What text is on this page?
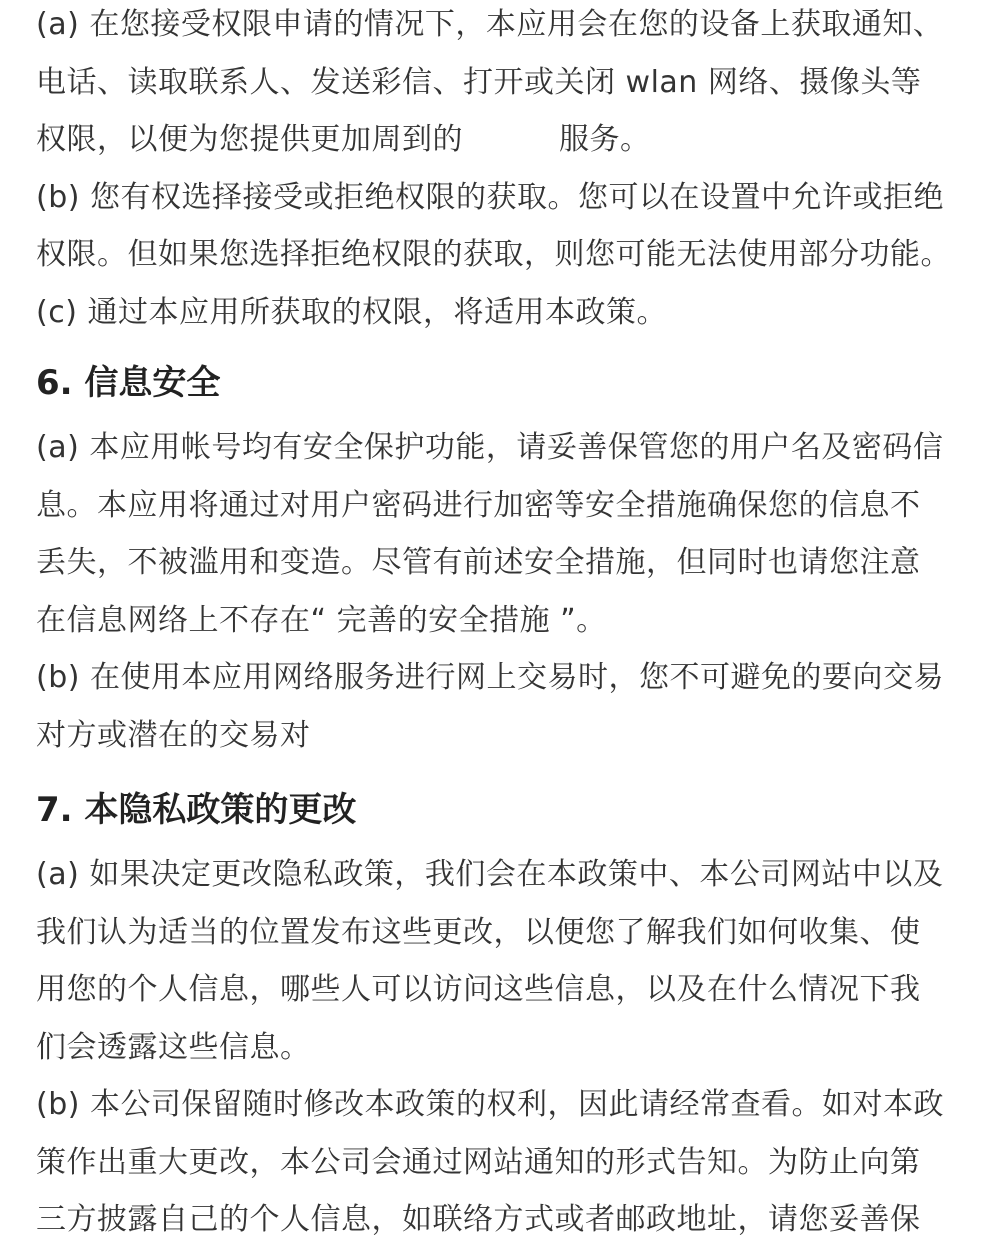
(a) 在您接受权限申请的情况下，本应用会在您的设备上获取通知、
电话、读取联系人、发送彩信、打开或关闭 wlan 网络、摄像头等
权限，以便为您提供更加周到的	服务。

(b) 您有权选择接受或拒绝权限的获取。您可以在设置中允许或拒绝
权限。但如果您选择拒绝权限的获取，则您可能无法使用部分功能。

(c) 通过本应用所获取的权限，将适用本政策。

6. 信息安全

(a) 本应用帐号均有安全保护功能，请妥善保管您的用户名及密码信
息。本应用将通过对用户密码进行加密等安全措施确保您的信息不
丢失，不被滥用和变造。尽管有前述安全措施，但同时也请您注意
在信息网络上不存在“ 完善的安全措施 ”。

(b) 在使用本应用网络服务进行网上交易时，您不可避免的要向交易
对方或潜在的交易对

7. 本隐私政策的更改

(a) 如果决定更改隐私政策，我们会在本政策中、本公司网站中以及
我们认为适当的位置发布这些更改，以便您了解我们如何收集、使
用您的个人信息，哪些人可以访问这些信息，以及在什么情况下我
们会透露这些信息。

(b) 本公司保留随时修改本政策的权利，因此请经常查看。如对本政
策作出重大更改，本公司会通过网站通知的形式告知。为防止向第
三方披露自己的个人信息，如联络方式或者邮政地址，请您妥善保
